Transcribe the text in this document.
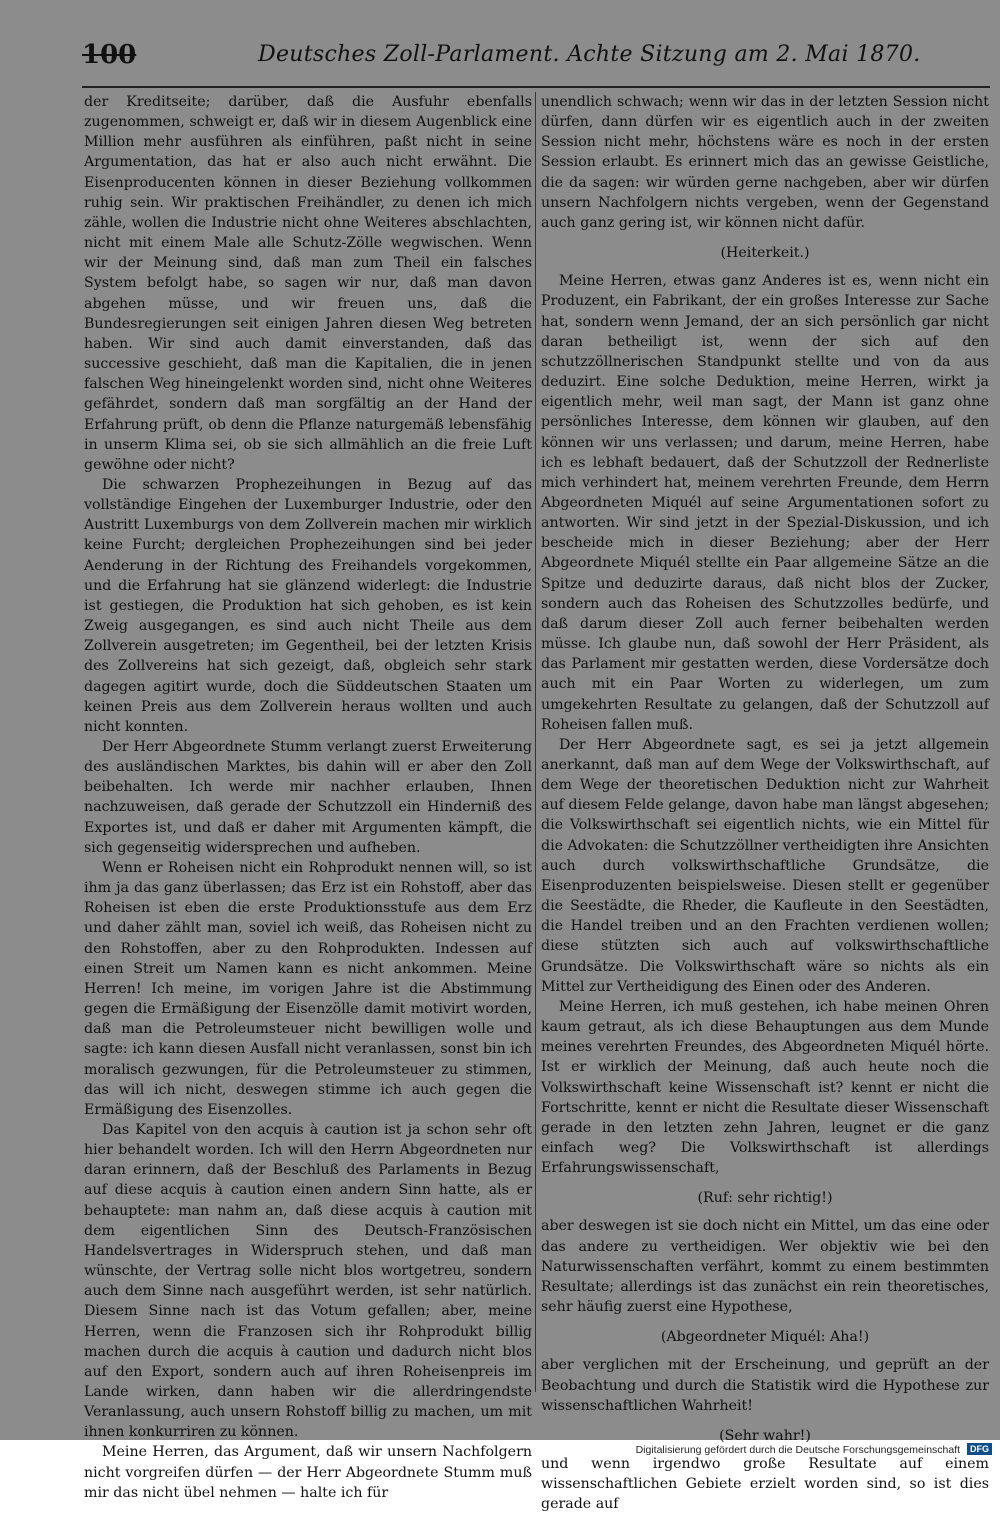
100	Deutsches Zoll-Parlament. Achte Sitzung am 2. Mai 1870.

der Kreditseite; darüber, daß die Ausfuhr ebenfalls zugenommen, schweigt er, daß wir in diesem Augenblick eine Million mehr ausführen als einführen, paßt nicht in seine Argumentation, das hat er also auch nicht erwähnt. Die Eisenproducenten können in dieser Beziehung vollkommen ruhig sein. Wir praktischen Freihändler, zu denen ich mich zähle, wollen die Industrie nicht ohne Weiteres abschlachten, nicht mit einem Male alle Schutz-Zölle wegwischen. Wenn wir der Meinung sind, daß man zum Theil ein falsches System befolgt habe, so sagen wir nur, daß man davon abgehen müsse, und wir freuen uns, daß die Bundesregierungen seit einigen Jahren diesen Weg betreten haben. Wir sind auch damit einverstanden, daß das successive geschieht, daß man die Kapitalien, die in jenen falschen Weg hineingelenkt worden sind, nicht ohne Weiteres gefährdet, sondern daß man sorgfältig an der Hand der Erfahrung prüft, ob denn die Pflanze naturgemäß lebensfähig in unserm Klima sei, ob sie sich allmählich an die freie Luft gewöhne oder nicht?

Die schwarzen Prophezeihungen in Bezug auf das vollständige Eingehen der Luxemburger Industrie, oder den Austritt Luxemburgs von dem Zollverein machen mir wirklich keine Furcht; dergleichen Prophezeihungen sind bei jeder Aenderung in der Richtung des Freihandels vorgekommen, und die Erfahrung hat sie glänzend widerlegt: die Industrie ist gestiegen, die Produktion hat sich gehoben, es ist kein Zweig ausgegangen, es sind auch nicht Theile aus dem Zollverein ausgetreten; im Gegentheil, bei der letzten Krisis des Zollvereins hat sich gezeigt, daß, obgleich sehr stark dagegen agitirt wurde, doch die Süddeutschen Staaten um keinen Preis aus dem Zollverein heraus wollten und auch nicht konnten.

Der Herr Abgeordnete Stumm verlangt zuerst Erweiterung des ausländischen Marktes, bis dahin will er aber den Zoll beibehalten. Ich werde mir nachher erlauben, Ihnen nachzuweisen, daß gerade der Schutzzoll ein Hinderniß des Exportes ist, und daß er daher mit Argumenten kämpft, die sich gegenseitig widersprechen und aufheben.

Wenn er Roheisen nicht ein Rohprodukt nennen will, so ist ihm ja das ganz überlassen; das Erz ist ein Rohstoff, aber das Roheisen ist eben die erste Produktionsstufe aus dem Erz und daher zählt man, soviel ich weiß, das Roheisen nicht zu den Rohstoffen, aber zu den Rohprodukten. Indessen auf einen Streit um Namen kann es nicht ankommen. Meine Herren! Ich meine, im vorigen Jahre ist die Abstimmung gegen die Ermäßigung der Eisenzölle damit motivirt worden, daß man die Petroleumsteuer nicht bewilligen wolle und sagte: ich kann diesen Ausfall nicht veranlassen, sonst bin ich moralisch gezwungen, für die Petroleumsteuer zu stimmen, das will ich nicht, deswegen stimme ich auch gegen die Ermäßigung des Eisenzolles.

Das Kapitel von den acquis à caution ist ja schon sehr oft hier behandelt worden. Ich will den Herrn Abgeordneten nur daran erinnern, daß der Beschluß des Parlaments in Bezug auf diese acquis à caution einen andern Sinn hatte, als er behauptete: man nahm an, daß diese acquis à caution mit dem eigentlichen Sinn des Deutsch-Französischen Handelsvertrages in Widerspruch stehen, und daß man wünschte, der Vertrag solle nicht blos wortgetreu, sondern auch dem Sinne nach ausgeführt werden, ist sehr natürlich. Diesem Sinne nach ist das Votum gefallen; aber, meine Herren, wenn die Franzosen sich ihr Rohprodukt billig machen durch die acquis à caution und dadurch nicht blos auf den Export, sondern auch auf ihren Roheisenpreis im Lande wirken, dann haben wir die allerdringendste Veranlassung, auch unsern Rohstoff billig zu machen, um mit ihnen konkurriren zu können.

Meine Herren, das Argument, daß wir unsern Nachfolgern nicht vorgreifen dürfen — der Herr Abgeordnete Stumm muß mir das nicht übel nehmen — halte ich für

unendlich schwach; wenn wir das in der letzten Session nicht dürfen, dann dürfen wir es eigentlich auch in der zweiten Session nicht mehr, höchstens wäre es noch in der ersten Session erlaubt. Es erinnert mich das an gewisse Geistliche, die da sagen: wir würden gerne nachgeben, aber wir dürfen unsern Nachfolgern nichts vergeben, wenn der Gegenstand auch ganz gering ist, wir können nicht dafür.

(Heiterkeit.)

Meine Herren, etwas ganz Anderes ist es, wenn nicht ein Produzent, ein Fabrikant, der ein großes Interesse zur Sache hat, sondern wenn Jemand, der an sich persönlich gar nicht daran betheiligt ist, wenn der sich auf den schutzzöllnerischen Standpunkt stellte und von da aus deduzirt. Eine solche Deduktion, meine Herren, wirkt ja eigentlich mehr, weil man sagt, der Mann ist ganz ohne persönliches Interesse, dem können wir glauben, auf den können wir uns verlassen; und darum, meine Herren, habe ich es lebhaft bedauert, daß der Schutzzoll der Rednerliste mich verhindert hat, meinem verehrten Freunde, dem Herrn Abgeordneten Miquél auf seine Argumentationen sofort zu antworten. Wir sind jetzt in der Spezial-Diskussion, und ich bescheide mich in dieser Beziehung; aber der Herr Abgeordnete Miquél stellte ein Paar allgemeine Sätze an die Spitze und deduzirte daraus, daß nicht blos der Zucker, sondern auch das Roheisen des Schutzzolles bedürfe, und daß darum dieser Zoll auch ferner beibehalten werden müsse. Ich glaube nun, daß sowohl der Herr Präsident, als das Parlament mir gestatten werden, diese Vordersätze doch auch mit ein Paar Worten zu widerlegen, um zum umgekehrten Resultate zu gelangen, daß der Schutzzoll auf Roheisen fallen muß.

Der Herr Abgeordnete sagt, es sei ja jetzt allgemein anerkannt, daß man auf dem Wege der Volkswirthschaft, auf dem Wege der theoretischen Deduktion nicht zur Wahrheit auf diesem Felde gelange, davon habe man längst abgesehen; die Volkswirthschaft sei eigentlich nichts, wie ein Mittel für die Advokaten: die Schutzzöllner vertheidigten ihre Ansichten auch durch volkswirthschaftliche Grundsätze, die Eisenproduzenten beispielsweise. Diesen stellt er gegenüber die Seestädte, die Rheder, die Kaufleute in den Seestädten, die Handel treiben und an den Frachten verdienen wollen; diese stützten sich auch auf volkswirthschaftliche Grundsätze. Die Volkswirthschaft wäre so nichts als ein Mittel zur Vertheidigung des Einen oder des Anderen.

Meine Herren, ich muß gestehen, ich habe meinen Ohren kaum getraut, als ich diese Behauptungen aus dem Munde meines verehrten Freundes, des Abgeordneten Miquél hörte. Ist er wirklich der Meinung, daß auch heute noch die Volkswirthschaft keine Wissenschaft ist? kennt er nicht die Fortschritte, kennt er nicht die Resultate dieser Wissenschaft gerade in den letzten zehn Jahren, leugnet er die ganz einfach weg? Die Volkswirthschaft ist allerdings Erfahrungswissenschaft,

(Ruf: sehr richtig!)

aber deswegen ist sie doch nicht ein Mittel, um das eine oder das andere zu vertheidigen. Wer objektiv wie bei den Naturwissenschaften verfährt, kommt zu einem bestimmten Resultate; allerdings ist das zunächst ein rein theoretisches, sehr häufig zuerst eine Hypothese,

(Abgeordneter Miquél: Aha!)

aber verglichen mit der Erscheinung, und geprüft an der Beobachtung und durch die Statistik wird die Hypothese zur wissenschaftlichen Wahrheit!

(Sehr wahr!)

und wenn irgendwo große Resultate auf einem wissenschaftlichen Gebiete erzielt worden sind, so ist dies gerade auf

Digitalisierung gefördert durch die Deutsche Forschungsgemeinschaft DFG
